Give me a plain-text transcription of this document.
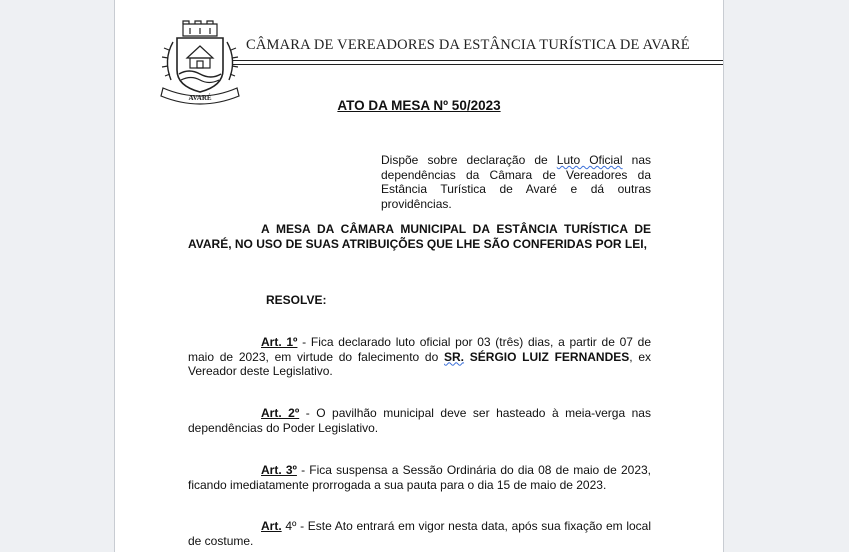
AVARÉ
CÂMARA DE VEREADORES DA ESTÂNCIA TURÍSTICA DE AVARÉ
ATO DA MESA Nº 50/2023
Dispõe sobre declaração de Luto Oficial nas dependências da Câmara de Vereadores da Estância Turística de Avaré e dá outras providências.
A MESA DA CÂMARA MUNICIPAL DA ESTÂNCIA TURÍSTICA DE AVARÉ, NO USO DE SUAS ATRIBUIÇÕES QUE LHE SÃO CONFERIDAS POR LEI,
RESOLVE:
Art. 1º - Fica declarado luto oficial por 03 (três) dias, a partir de 07 de maio de 2023, em virtude do falecimento do SR. SÉRGIO LUIZ FERNANDES, ex Vereador deste Legislativo.
Art. 2º - O pavilhão municipal deve ser hasteado à meia-verga nas dependências do Poder Legislativo.
Art. 3º - Fica suspensa a Sessão Ordinária do dia 08 de maio de 2023, ficando imediatamente prorrogada a sua pauta para o dia 15 de maio de 2023.
Art. 4º - Este Ato entrará em vigor nesta data, após sua fixação em local de costume.
